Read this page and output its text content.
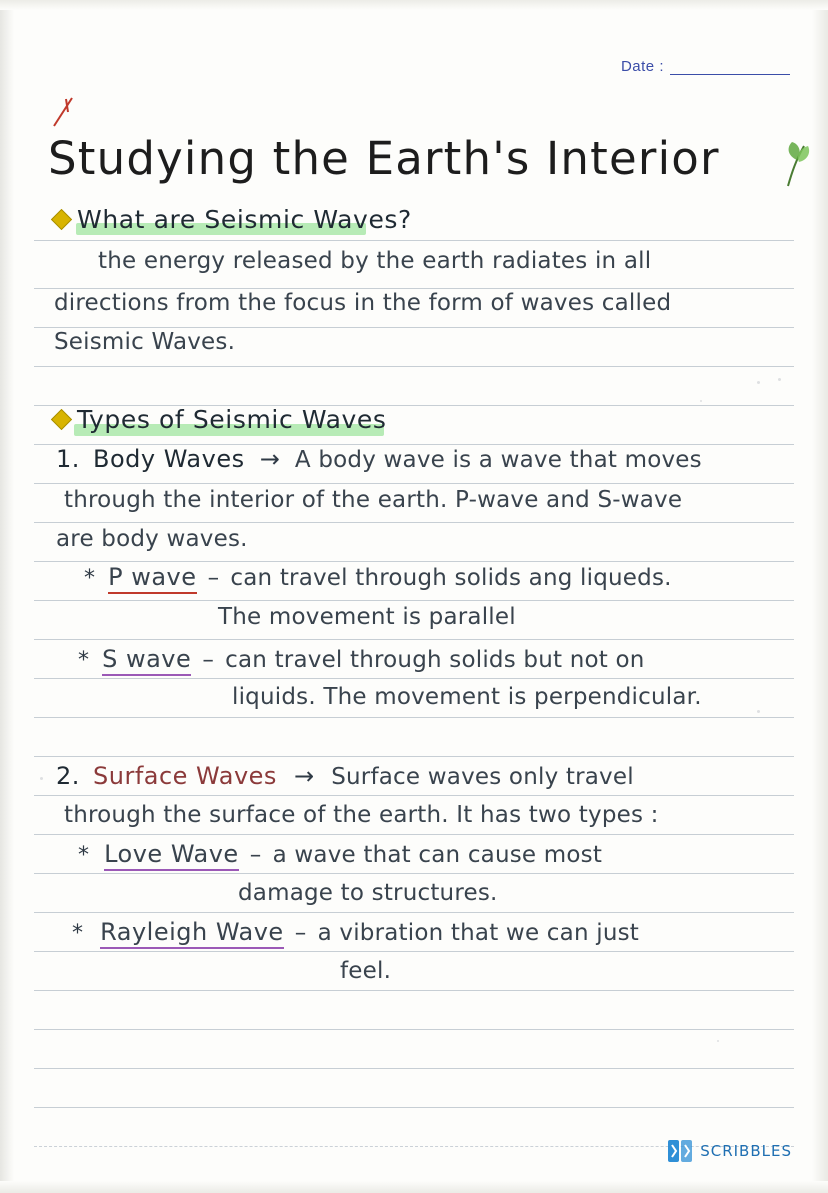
Date :
Studying the Earth's Interior
What are Seismic Waves?
the energy released by the earth radiates in all
directions from the focus in the form of waves called
Seismic Waves.
Types of Seismic Waves
1. Body Waves → A body wave is a wave that moves
through the interior of the earth. P-wave and S-wave
are body waves.
* P wave – can travel through solids ang liqueds.
The movement is parallel
* S wave – can travel through solids but not on
liquids. The movement is perpendicular.
2. Surface Waves → Surface waves only travel
through the surface of the earth. It has two types :
* Love Wave – a wave that can cause most
damage to structures.
* Rayleigh Wave – a vibration that we can just
feel.
SCRIBBLES
